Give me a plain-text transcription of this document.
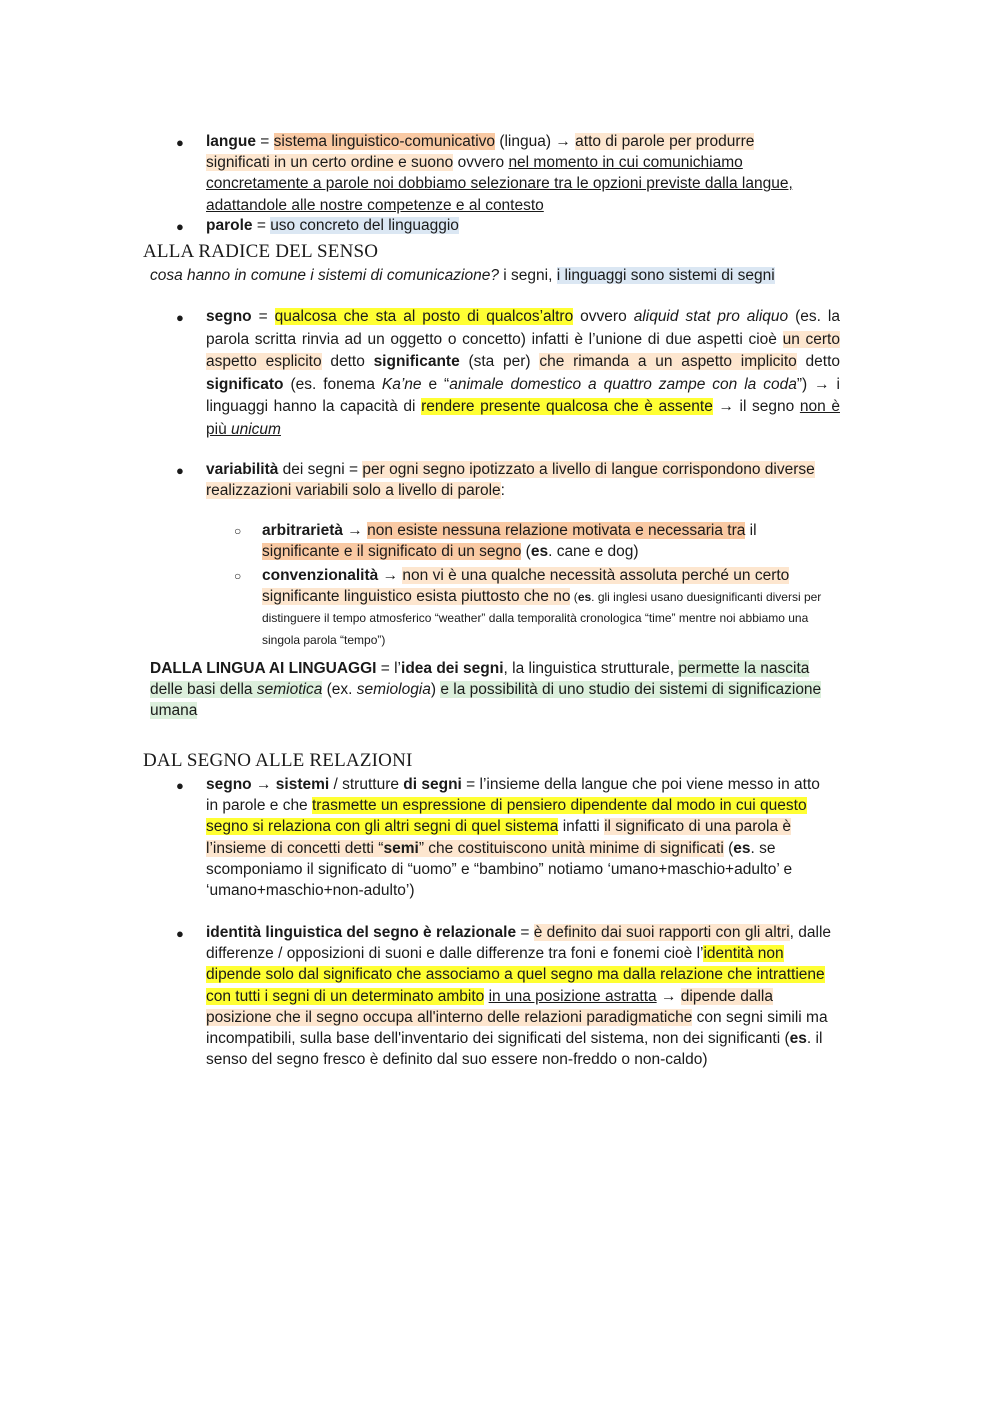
● langue = sistema linguistico-comunicativo (lingua) → atto di parole per produrre significati in un certo ordine e suono ovvero nel momento in cui comunichiamo concretamente a parole noi dobbiamo selezionare tra le opzioni previste dalla langue, adattandole alle nostre competenze e al contesto
● parole = uso concreto del linguaggio
ALLA RADICE DEL SENSO
cosa hanno in comune i sistemi di comunicazione? i segni, i linguaggi sono sistemi di segni
● segno = qualcosa che sta al posto di qualcos’altro ovvero aliquid stat pro aliquo (es. la parola scritta rinvia ad un oggetto o concetto) infatti è l’unione di due aspetti cioè un certo aspetto esplicito detto significante (sta per) che rimanda a un aspetto implicito detto significato (es. fonema Ka’ne e “animale domestico a quattro zampe con la coda”) → i linguaggi hanno la capacità di rendere presente qualcosa che è assente → il segno non è più unicum
● variabilità dei segni = per ogni segno ipotizzato a livello di langue corrispondono diverse realizzazioni variabili solo a livello di parole:
○ arbitrarietà → non esiste nessuna relazione motivata e necessaria tra il significante e il significato di un segno (es. cane e dog)
○ convenzionalità → non vi è una qualche necessità assoluta perché un certo significante linguistico esista piuttosto che no (es. gli inglesi usano duesignificanti diversi per distinguere il tempo atmosferico “weather” dalla temporalità cronologica “time” mentre noi abbiamo una singola parola “tempo”)
DALLA LINGUA AI LINGUAGGI = l’idea dei segni, la linguistica strutturale, permette la nascita delle basi della semiotica (ex. semiologia) e la possibilità di uno studio dei sistemi di significazione umana
DAL SEGNO ALLE RELAZIONI
● segno → sistemi / strutture di segni = l’insieme della langue che poi viene messo in atto in parole e che trasmette un espressione di pensiero dipendente dal modo in cui questo segno si relaziona con gli altri segni di quel sistema infatti il significato di una parola è l’insieme di concetti detti “semi” che costituiscono unità minime di significati (es. se scomponiamo il significato di “uomo” e “bambino” notiamo ‘umano+maschio+adulto’ e ‘umano+maschio+non-adulto’)
● identità linguistica del segno è relazionale = è definito dai suoi rapporti con gli altri, dalle differenze / opposizioni di suoni e dalle differenze tra foni e fonemi cioè l’identità non dipende solo dal significato che associamo a quel segno ma dalla relazione che intrattiene con tutti i segni di un determinato ambito in una posizione astratta → dipende dalla posizione che il segno occupa all'interno delle relazioni paradigmatiche con segni simili ma incompatibili, sulla base dell'inventario dei significati del sistema, non dei significanti (es. il senso del segno fresco è definito dal suo essere non-freddo o non-caldo)
